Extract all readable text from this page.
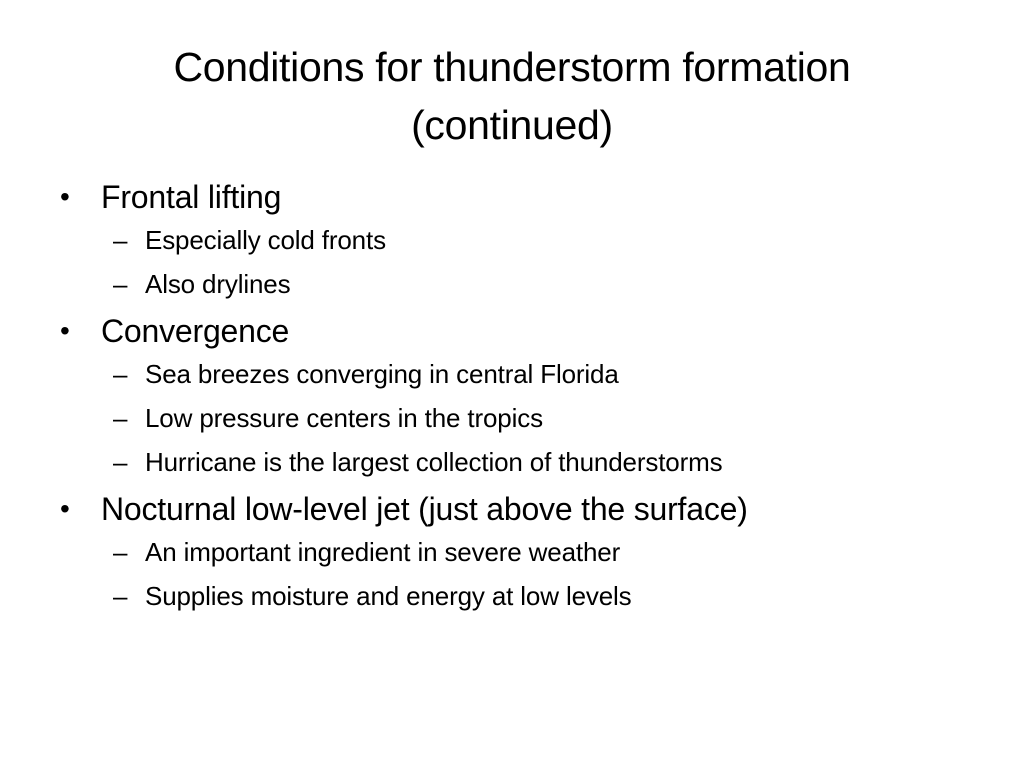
Conditions for thunderstorm formation
(continued)
• Frontal lifting
– Especially cold fronts
– Also drylines
• Convergence
– Sea breezes converging in central Florida
– Low pressure centers in the tropics
– Hurricane is the largest collection of thunderstorms
• Nocturnal low-level jet (just above the surface)
– An important ingredient in severe weather
– Supplies moisture and energy at low levels
